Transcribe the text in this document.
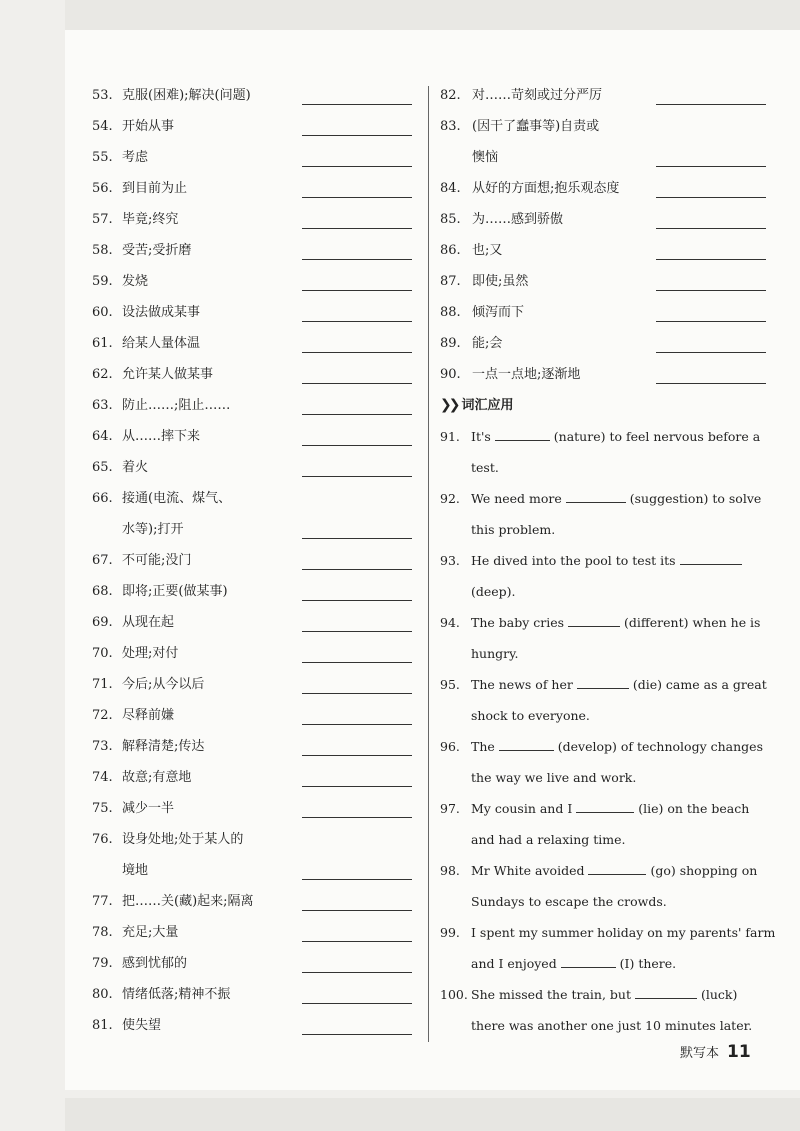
53. 克服(困难);解决(问题)
54. 开始从事
55. 考虑
56. 到目前为止
57. 毕竟;终究
58. 受苦;受折磨
59. 发烧
60. 设法做成某事
61. 给某人量体温
62. 允许某人做某事
63. 防止……;阻止……
64. 从……摔下来
65. 着火
66. 接通(电流、煤气、
水等);打开
67. 不可能;没门
68. 即将;正要(做某事)
69. 从现在起
70. 处理;对付
71. 今后;从今以后
72. 尽释前嫌
73. 解释清楚;传达
74. 故意;有意地
75. 减少一半
76. 设身处地;处于某人的
境地
77. 把……关(藏)起来;隔离
78. 充足;大量
79. 感到忧郁的
80. 情绪低落;精神不振
81. 使失望
82. 对……苛刻或过分严厉
83. (因干了蠢事等)自责或
懊恼
84. 从好的方面想;抱乐观态度
85. 为……感到骄傲
86. 也;又
87. 即使;虽然
88. 倾泻而下
89. 能;会
90. 一点一点地;逐渐地
❯❯ 词汇应用
91. It's	(nature) to feel nervous before a
test.
92. We need more	(suggestion) to solve
this problem.
93. He dived into the pool to test its
(deep).
94. The baby cries	(different) when he is
hungry.
95. The news of her	(die) came as a great
shock to everyone.
96. The	(develop) of technology changes
the way we live and work.
97. My cousin and I	(lie) on the beach
and had a relaxing time.
98. Mr White avoided	(go) shopping on
Sundays to escape the crowds.
99. I spent my summer holiday on my parents' farm
and I enjoyed	(I) there.
100. She missed the train, but	(luck)
there was another one just 10 minutes later.
默写本 11
